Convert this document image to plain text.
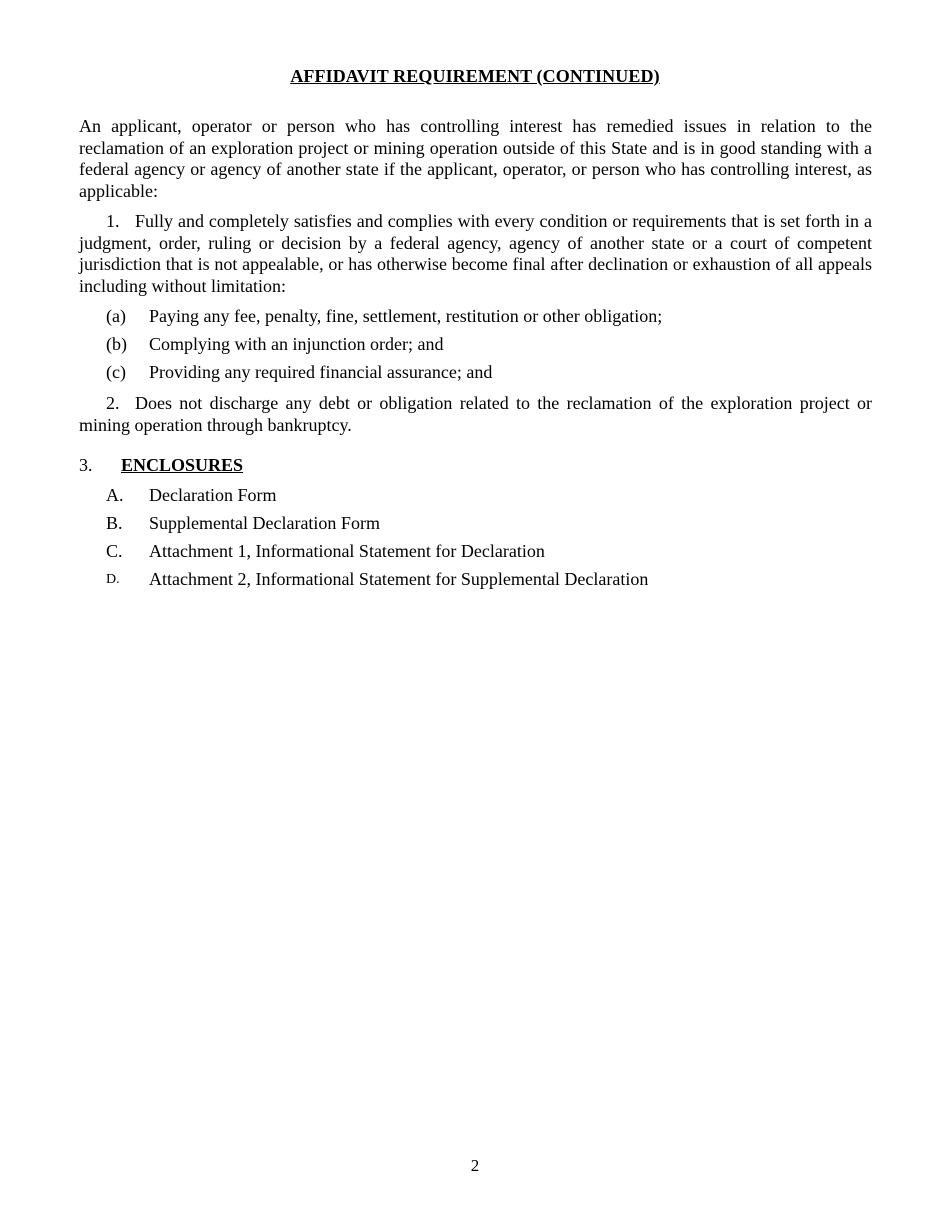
AFFIDAVIT REQUIREMENT (CONTINUED)

An applicant, operator or person who has controlling interest has remedied issues in relation to the reclamation of an exploration project or mining operation outside of this State and is in good standing with a federal agency or agency of another state if the applicant, operator, or person who has controlling interest, as applicable:

1. Fully and completely satisfies and complies with every condition or requirements that is set forth in a judgment, order, ruling or decision by a federal agency, agency of another state or a court of competent jurisdiction that is not appealable, or has otherwise become final after declination or exhaustion of all appeals including without limitation:

(a)	Paying any fee, penalty, fine, settlement, restitution or other obligation;
(b)	Complying with an injunction order; and
(c)	Providing any required financial assurance; and

2. Does not discharge any debt or obligation related to the reclamation of the exploration project or mining operation through bankruptcy.

3.	ENCLOSURES
A.	Declaration Form
B.	Supplemental Declaration Form
C.	Attachment 1, Informational Statement for Declaration
D.	Attachment 2, Informational Statement for Supplemental Declaration
2
